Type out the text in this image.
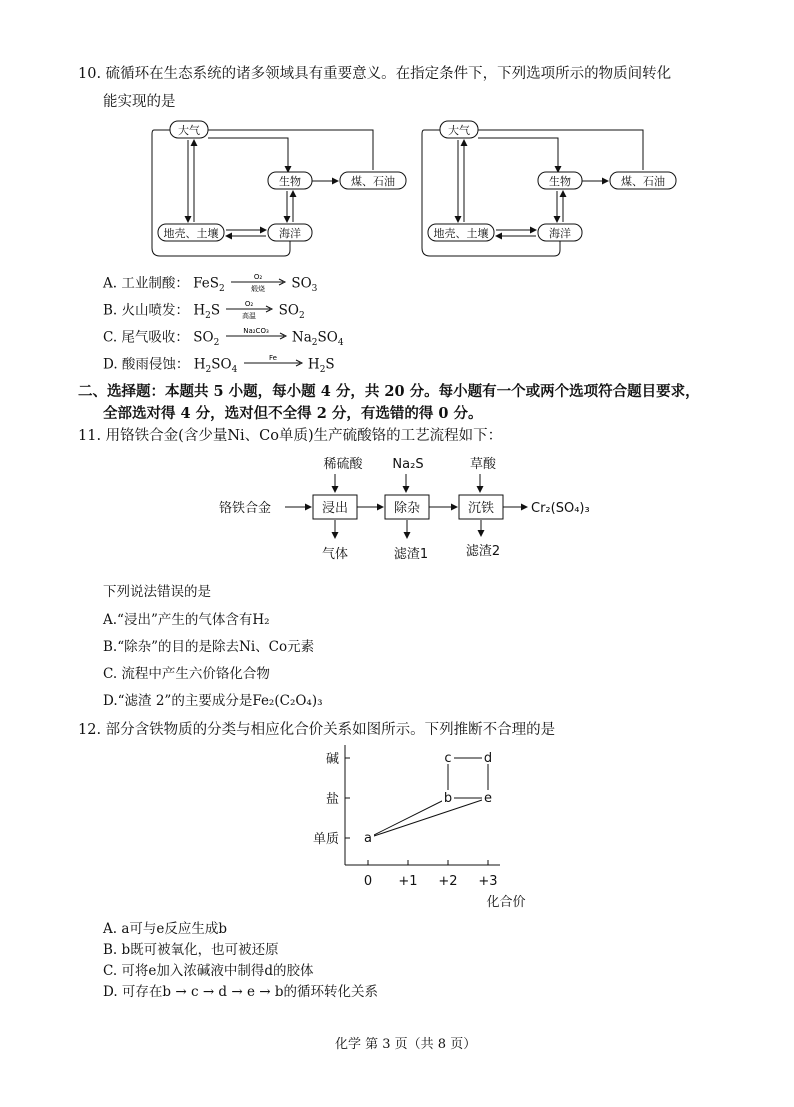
10. 硫循环在生态系统的诸多领域具有重要意义。在指定条件下，下列选项所示的物质间转化
能实现的是
大气
生物	煤、石油
地壳、土壤	海洋
大气
生物	煤、石油
地壳、土壤	海洋
A. 工业制酸： FeS$_2$
O₂
煅烧 $SO_3$
B. 火山喷发： $H_2S$	O₂
高温 $SO_2$
C. 尾气吸收： $SO_2$
Na₂CO₃ $Na_2SO_4$
D. 酸雨侵蚀： $H_2SO_4$
Fe $H_2S$
二、选择题：本题共 5 小题，每小题 4 分，共 20 分。每小题有一个或两个选项符合题目要求，
全部选对得 4 分，选对但不全得 2 分，有选错的得 0 分。
11. 用铬铁合金(含少量Ni、Co单质)生产硫酸铬的工艺流程如下：
稀硫酸 Na₂S	草酸
铬铁合金	浸出	除杂	沉铁	Cr₂(SO₄)₃
气体	滤渣1	滤渣2
下列说法错误的是
A.“浸出”产生的气体含有H₂
B.“除杂”的目的是除去Ni、Co元素
C. 流程中产生六价铬化合物
D.“滤渣 2”的主要成分是Fe₂(C₂O₄)₃
12. 部分含铁物质的分类与相应化合价关系如图所示。下列推断不合理的是
单质
盐
碱
0 +1 +2 +3
化合价
a
b
c d
e
A. a可与e反应生成b
B. b既可被氧化，也可被还原
C. 可将e加入浓碱液中制得d的胶体
D. 可存在b → c → d → e → b的循环转化关系
化学 第 3 页（共 8 页）
